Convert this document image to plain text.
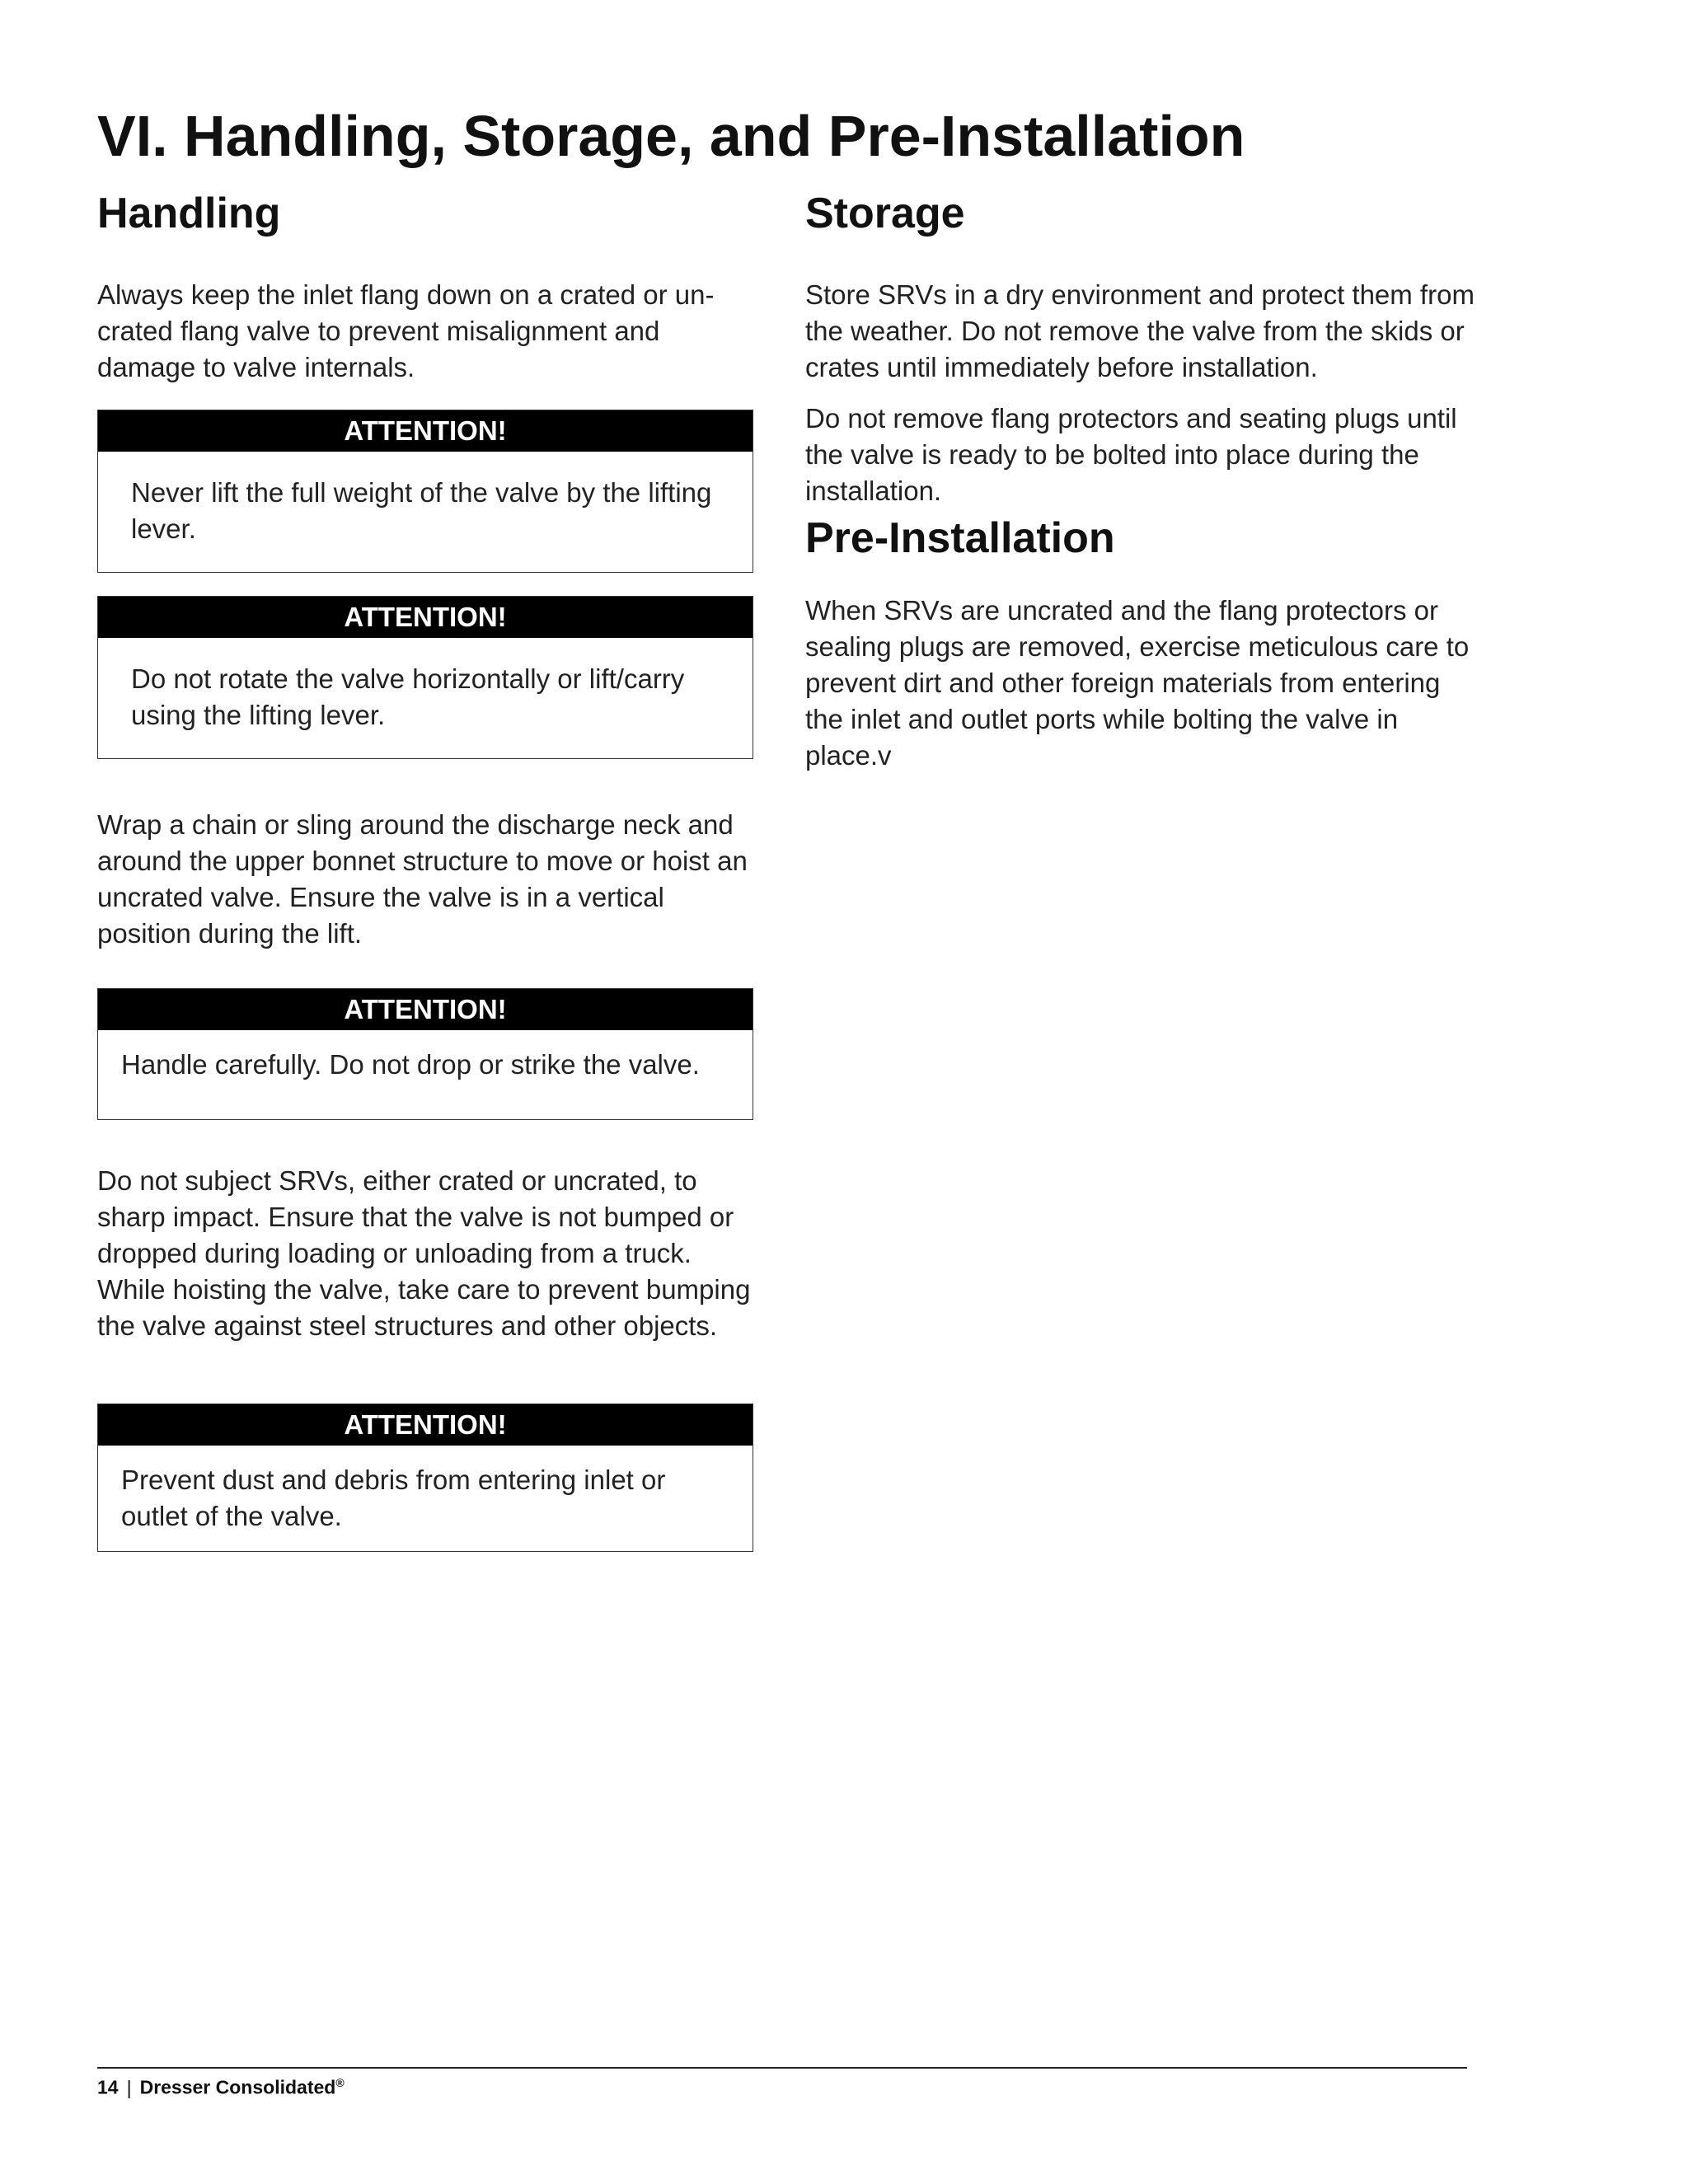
VI. Handling, Storage, and Pre-Installation
Handling

Always keep the inlet flang down on a crated or un-crated flang valve to prevent misalignment and damage to valve internals.

ATTENTION!
Never lift the full weight of the valve by the lifting lever.
ATTENTION!
Do not rotate the valve horizontally or lift/carry using the lifting lever.

Wrap a chain or sling around the discharge neck and around the upper bonnet structure to move or hoist an uncrated valve. Ensure the valve is in a vertical position during the lift.

ATTENTION!
Handle carefully. Do not drop or strike the valve.

Do not subject SRVs, either crated or uncrated, to sharp impact. Ensure that the valve is not bumped or dropped during loading or unloading from a truck. While hoisting the valve, take care to prevent bumping the valve against steel structures and other objects.

ATTENTION!
Prevent dust and debris from entering inlet or outlet of the valve.
Storage

Store SRVs in a dry environment and protect them from the weather. Do not remove the valve from the skids or crates until immediately before installation.

Do not remove flang protectors and seating plugs until the valve is ready to be bolted into place during the installation.

Pre-Installation

When SRVs are uncrated and the flang protectors or sealing plugs are removed, exercise meticulous care to prevent dirt and other foreign materials from entering the inlet and outlet ports while bolting the valve in place.v

14 | Dresser Consolidated®
